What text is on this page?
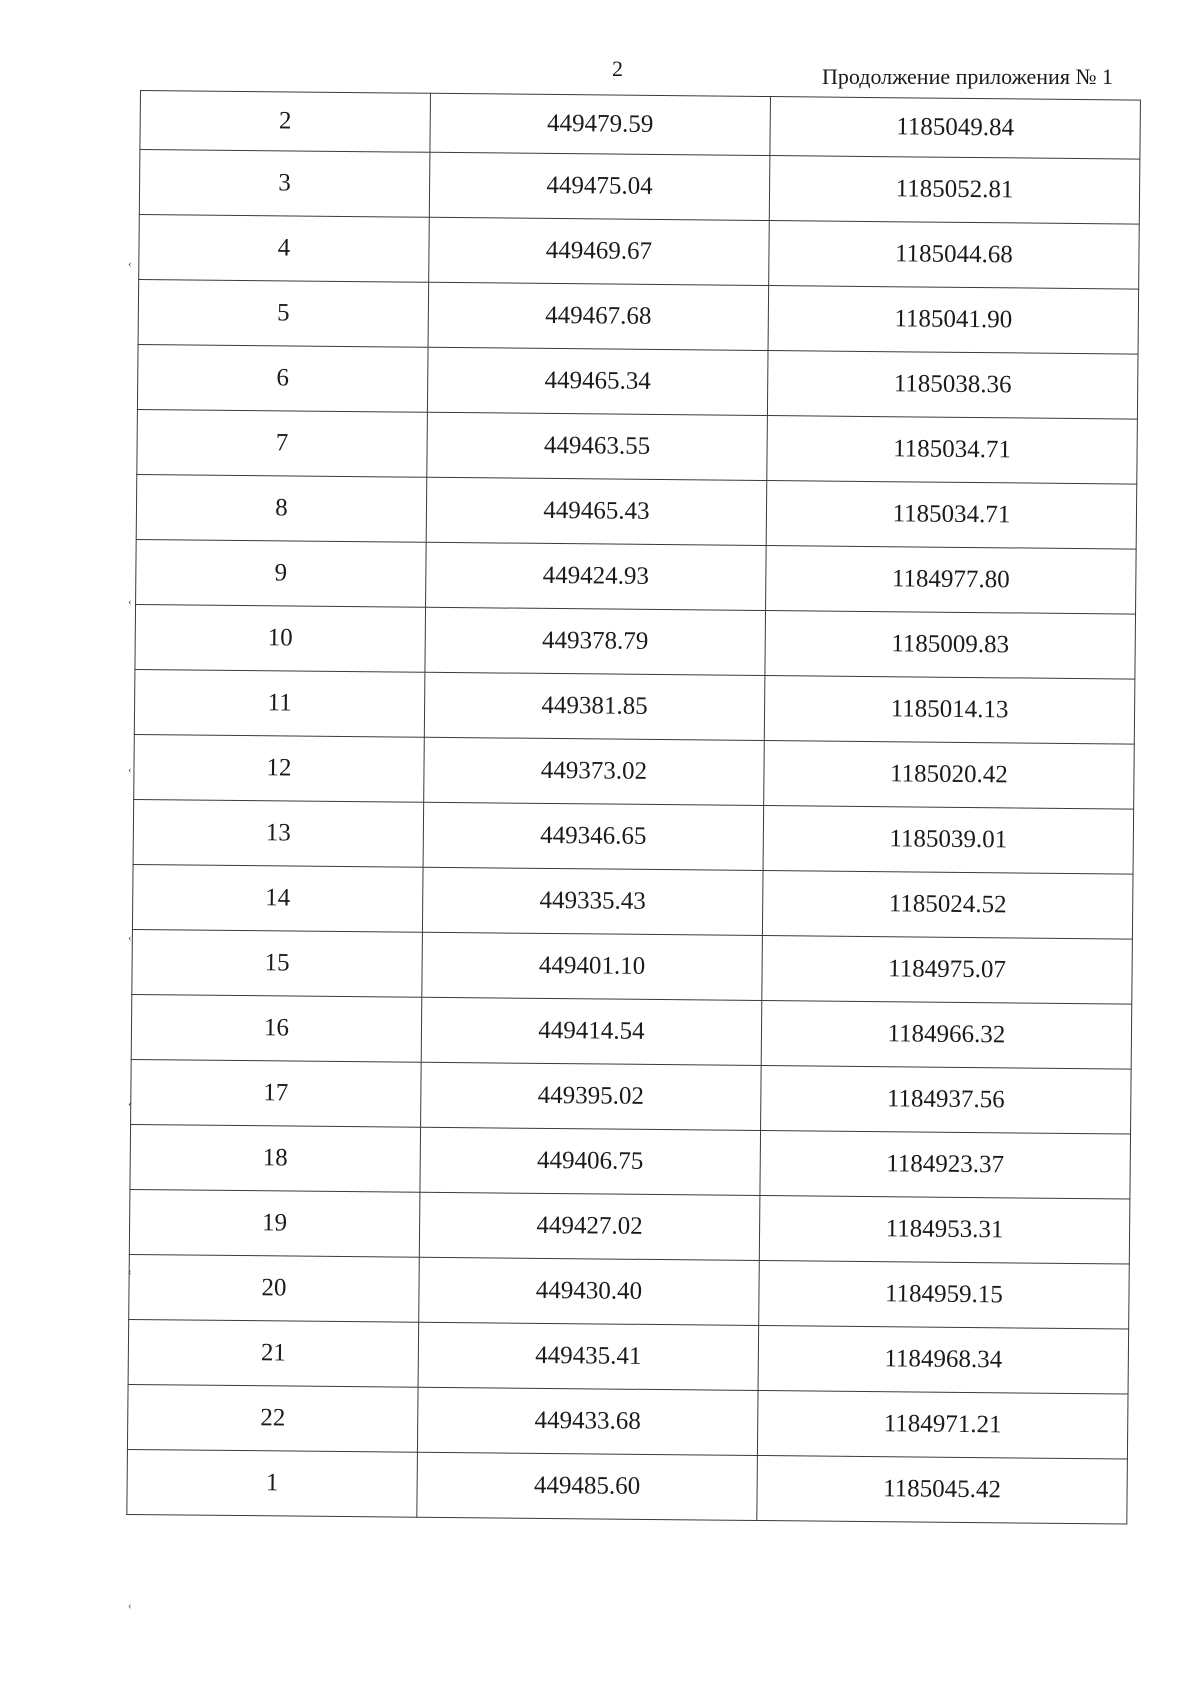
2	Продолжение приложения № 1
2	449479.59	1185049.84
3	449475.04	1185052.81
4	449469.67	1185044.68
5	449467.68	1185041.90
6	449465.34	1185038.36
7	449463.55	1185034.71
8	449465.43	1185034.71
9	449424.93	1184977.80
10	449378.79	1185009.83
11	449381.85	1185014.13
12	449373.02	1185020.42
13	449346.65	1185039.01
14	449335.43	1185024.52
15	449401.10	1184975.07
16	449414.54	1184966.32
17	449395.02	1184937.56
18	449406.75	1184923.37
19	449427.02	1184953.31
20	449430.40	1184959.15
21	449435.41	1184968.34
22	449433.68	1184971.21
1	449485.60	1185045.42
‹
‹
‹
‹
‹
‹
‹
